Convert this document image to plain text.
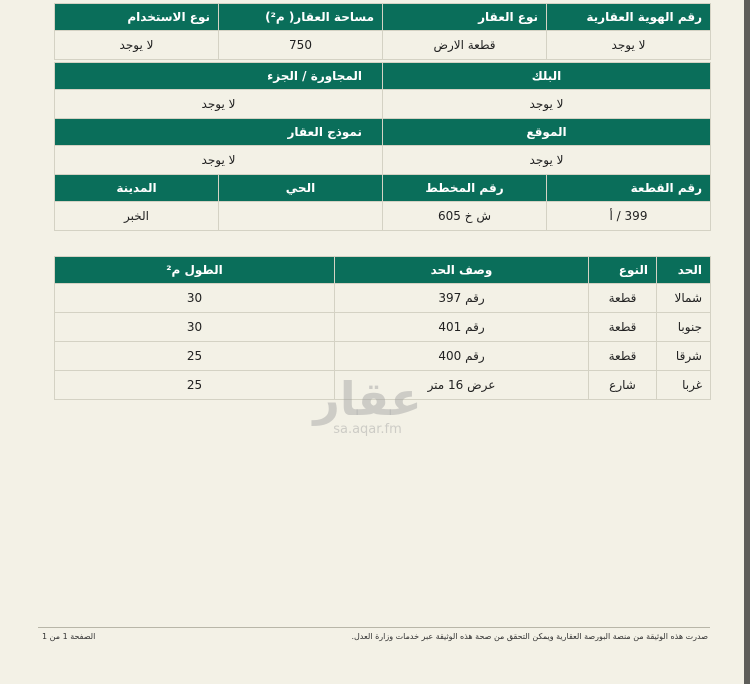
رقم الهوية العقارية	نوع العقار	مساحة العقار( م²)	نوع الاستخدام
لا يوجد	قطعة الارض	750	لا يوجد
البلك		المجاورة / الجزء	
لا يوجد		لا يوجد	
الموقع		نموذج العقار	
لا يوجد		لا يوجد	
رقم القطعة	رقم المخطط	الحي	المدينة
399 / أ	ش خ 605		الخبر
الحد	النوع	وصف الحد	الطول م²
شمالا	قطعة	رقم 397	30
جنوبا	قطعة	رقم 401	30
شرقا	قطعة	رقم 400	25
غربا	شارع	عرض 16 متر	25 عقار
sa.aqar.fm
الصفحة 1 من 1	صدرت هذه الوثيقة من منصة البورصة العقارية ويمكن التحقق من صحة هذه الوثيقة عبر خدمات وزارة العدل.
